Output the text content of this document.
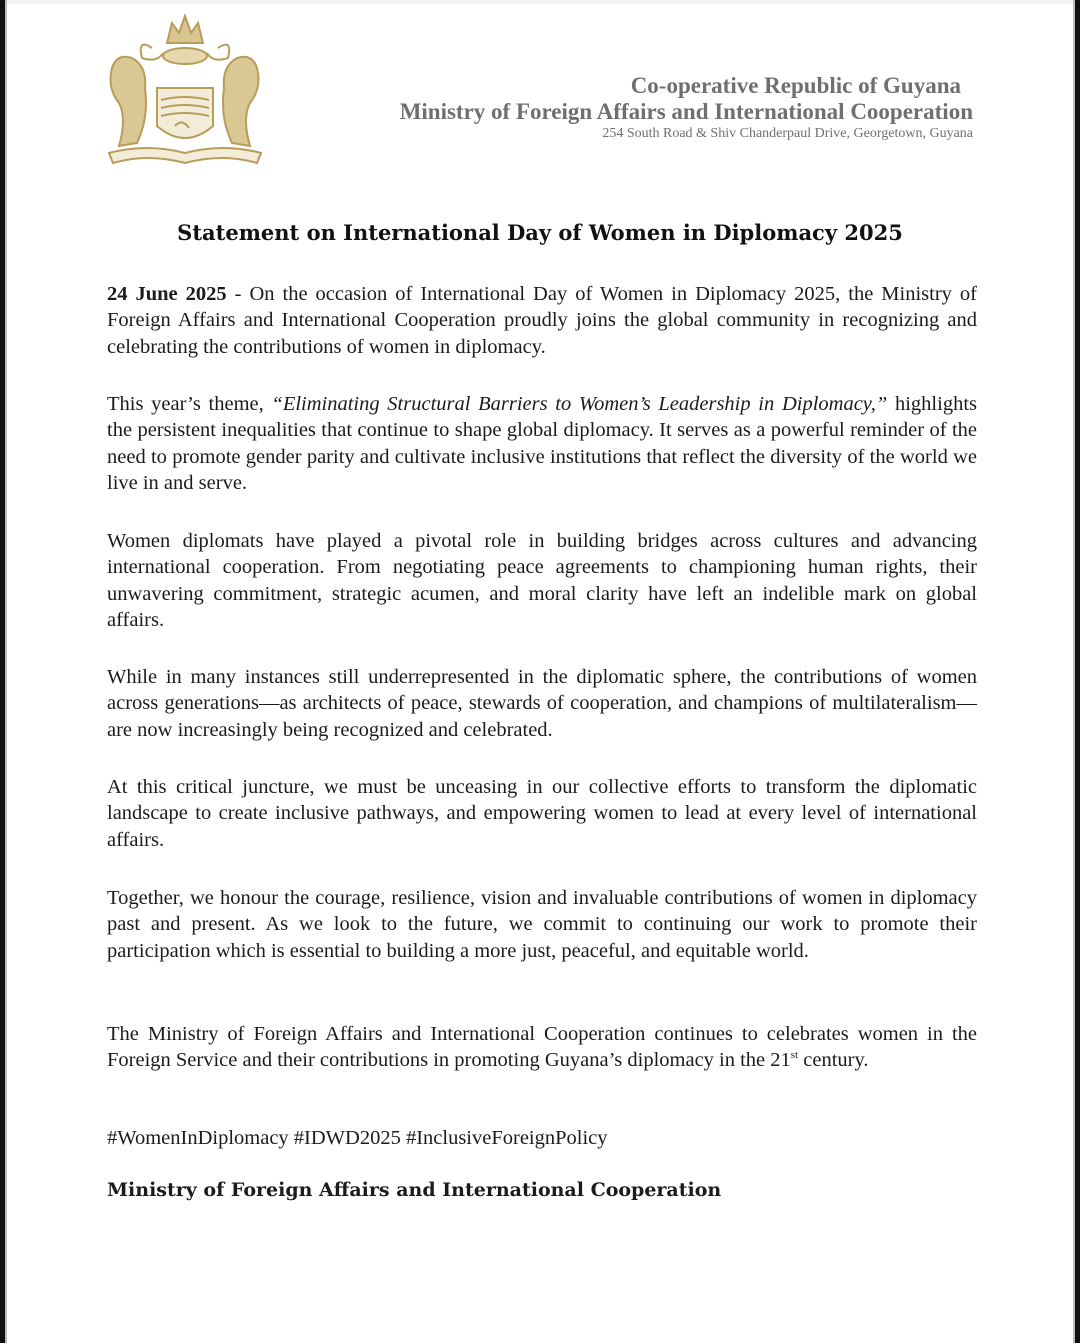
Co-operative Republic of Guyana
Ministry of Foreign Affairs and International Cooperation
254 South Road & Shiv Chanderpaul Drive, Georgetown, Guyana
Statement on International Day of Women in Diplomacy 2025
24 June 2025 - On the occasion of International Day of Women in Diplomacy 2025, the Ministry of Foreign Affairs and International Cooperation proudly joins the global community in recognizing and celebrating the contributions of women in diplomacy.
This year’s theme, “Eliminating Structural Barriers to Women’s Leadership in Diplomacy,” highlights the persistent inequalities that continue to shape global diplomacy. It serves as a powerful reminder of the need to promote gender parity and cultivate inclusive institutions that reflect the diversity of the world we live in and serve.
Women diplomats have played a pivotal role in building bridges across cultures and advancing international cooperation. From negotiating peace agreements to championing human rights, their unwavering commitment, strategic acumen, and moral clarity have left an indelible mark on global affairs.
While in many instances still underrepresented in the diplomatic sphere, the contributions of women across generations—as architects of peace, stewards of cooperation, and champions of multilateralism—are now increasingly being recognized and celebrated.
At this critical juncture, we must be unceasing in our collective efforts to transform the diplomatic landscape to create inclusive pathways, and empowering women to lead at every level of international affairs.
Together, we honour the courage, resilience, vision and invaluable contributions of women in diplomacy past and present. As we look to the future, we commit to continuing our work to promote their participation which is essential to building a more just, peaceful, and equitable world.
The Ministry of Foreign Affairs and International Cooperation continues to celebrates women in the Foreign Service and their contributions in promoting Guyana’s diplomacy in the 21st century.
#WomenInDiplomacy #IDWD2025 #InclusiveForeignPolicy
Ministry of Foreign Affairs and International Cooperation
